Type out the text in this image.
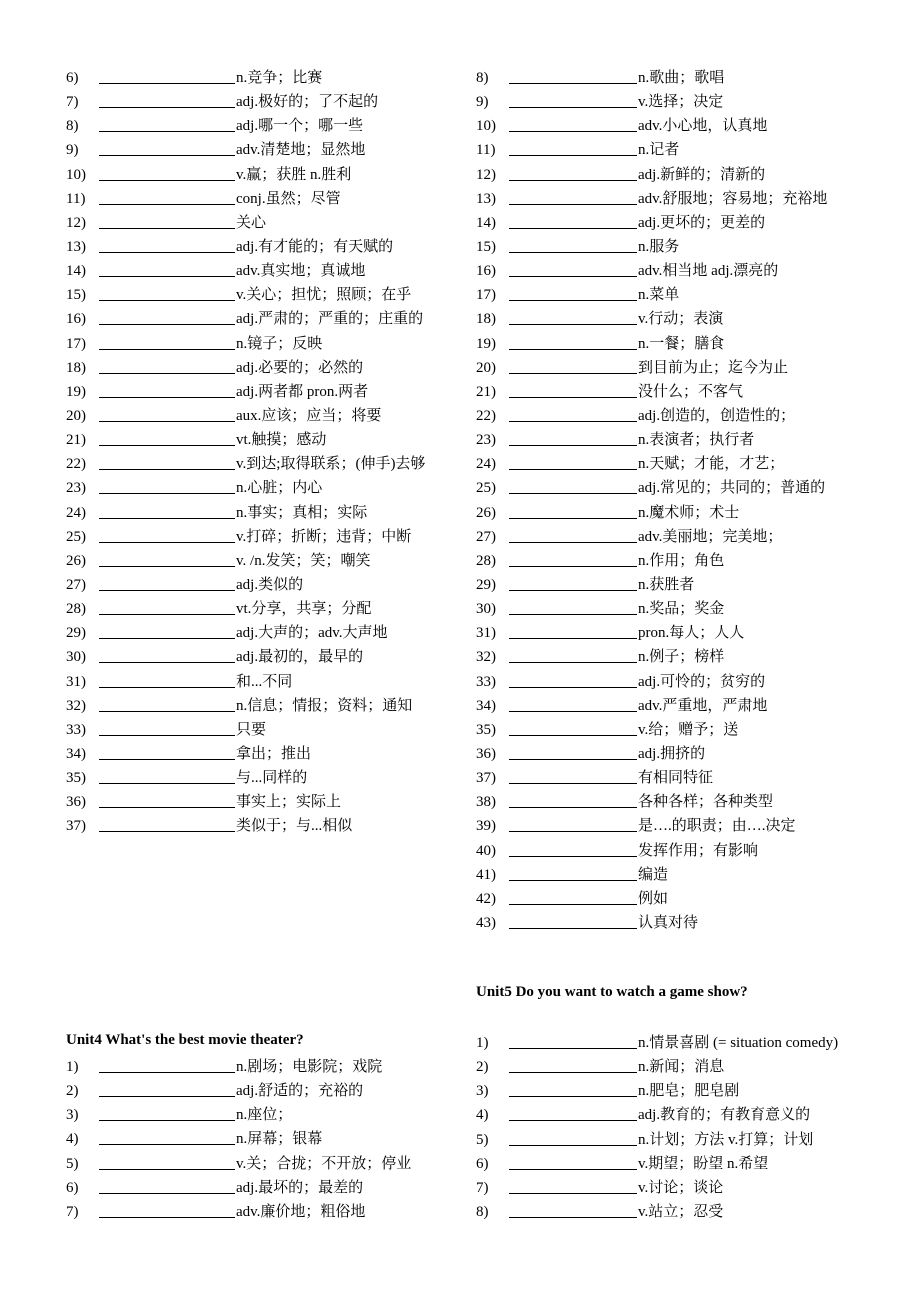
6)	n.竞争；比赛
7)	adj.极好的；了不起的
8)	adj.哪一个；哪一些
9)	adv.清楚地；显然地
10)	v.赢；获胜 n.胜利
11)	conj.虽然；尽管
12)	关心
13)	adj.有才能的；有天赋的
14)	adv.真实地；真诚地
15)	v.关心；担忧；照顾；在乎
16)	adj.严肃的；严重的；庄重的
17)	n.镜子；反映
18)	adj.必要的；必然的
19)	adj.两者都 pron.两者
20)	aux.应该；应当；将要
21)	vt.触摸；感动
22)	v.到达;取得联系；(伸手)去够
23)	n.心脏；内心
24)	n.事实；真相；实际
25)	v.打碎；折断；违背；中断
26)	v. /n.发笑；笑；嘲笑
27)	adj.类似的
28)	vt.分享，共享；分配
29)	adj.大声的；adv.大声地
30)	adj.最初的，最早的
31)	和...不同
32)	n.信息；情报；资料；通知
33)	只要
34)	拿出；推出
35)	与...同样的
36)	事实上；实际上
37)	类似于；与...相似
Unit4 What's the best movie theater?
1)	n.剧场；电影院；戏院
2)	adj.舒适的；充裕的
3)	n.座位；
4)	n.屏幕；银幕
5)	v.关；合拢；不开放；停业
6)	adj.最坏的；最差的
7)	adv.廉价地；粗俗地
8)	n.歌曲；歌唱
9)	v.选择；决定
10)	adv.小心地，认真地
11)	n.记者
12)	adj.新鲜的；清新的
13)	adv.舒服地；容易地；充裕地
14)	adj.更坏的；更差的
15)	n.服务
16)	adv.相当地 adj.漂亮的
17)	n.菜单
18)	v.行动；表演
19)	n.一餐；膳食
20)	到目前为止；迄今为止
21)	没什么；不客气
22)	adj.创造的，创造性的；
23)	n.表演者；执行者
24)	n.天赋；才能，才艺；
25)	adj.常见的；共同的；普通的
26)	n.魔术师；术士
27)	adv.美丽地；完美地；
28)	n.作用；角色
29)	n.获胜者
30)	n.奖品；奖金
31)	pron.每人；人人
32)	n.例子；榜样
33)	adj.可怜的；贫穷的
34)	adv.严重地，严肃地
35)	v.给；赠予；送
36)	adj.拥挤的
37)	有相同特征
38)	各种各样；各种类型
39)	是….的职责；由….决定
40)	发挥作用；有影响
41)	编造
42)	例如
43)	认真对待
Unit5 Do you want to watch a game show?
1)	n.情景喜剧 (= situation comedy)
2)	n.新闻；消息
3)	n.肥皂；肥皂剧
4)	adj.教育的；有教育意义的
5)	n.计划；方法 v.打算；计划
6)	v.期望；盼望 n.希望
7)	v.讨论；谈论
8)	v.站立；忍受
